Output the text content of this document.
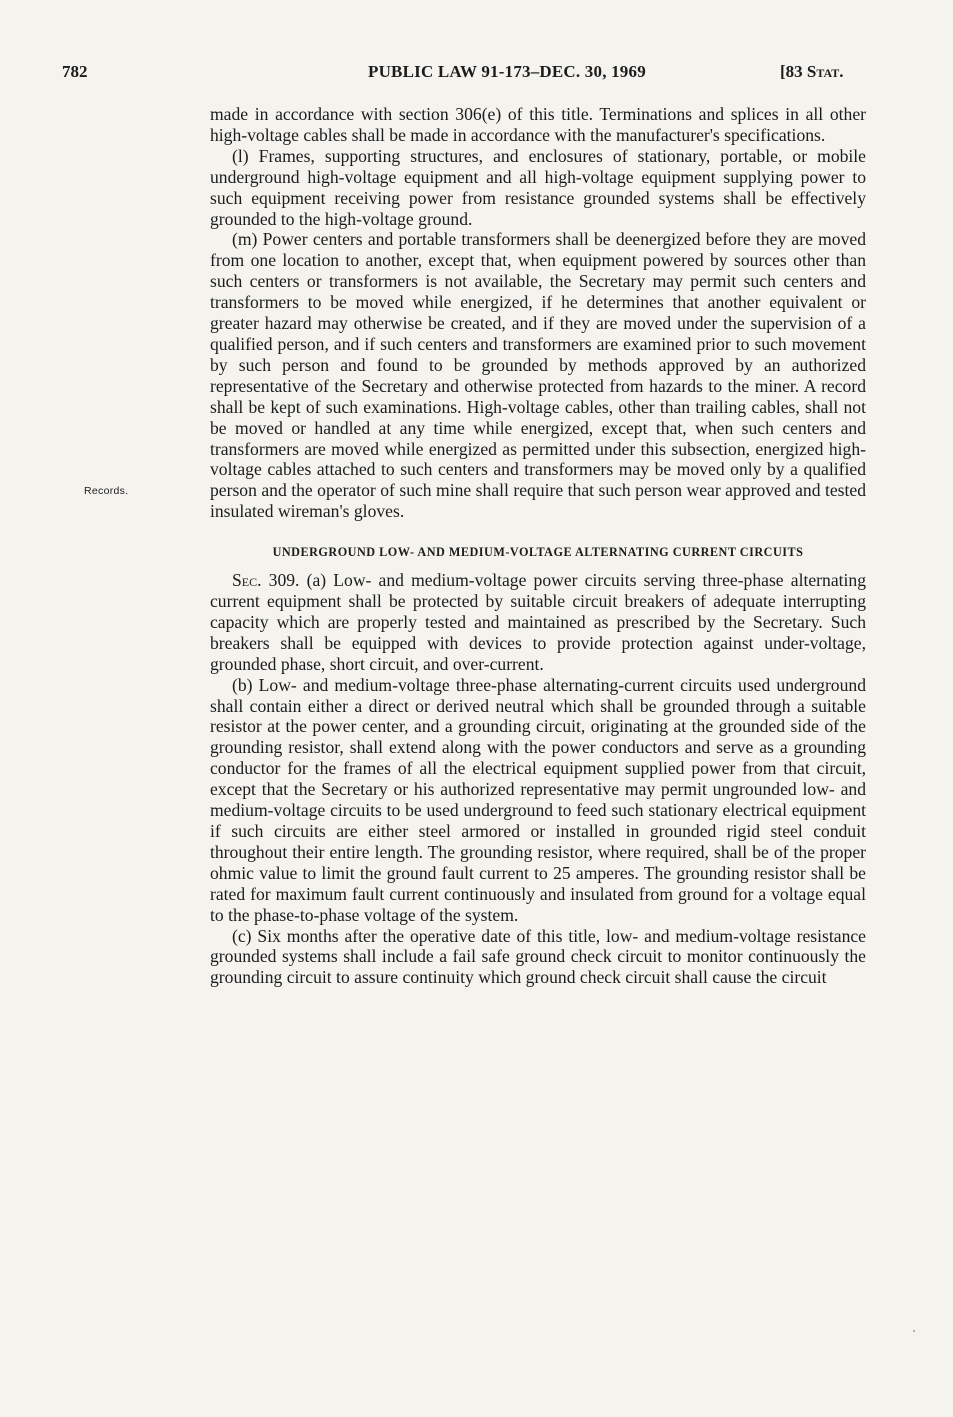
782	PUBLIC LAW 91-173–DEC. 30, 1969	[83 Stat.
Records.

made in accordance with section 306(e) of this title. Terminations and splices in all other high-voltage cables shall be made in accordance with the manufacturer's specifications.

(l) Frames, supporting structures, and enclosures of stationary, portable, or mobile underground high-voltage equipment and all high-voltage equipment supplying power to such equipment receiving power from resistance grounded systems shall be effectively grounded to the high-voltage ground.

(m) Power centers and portable transformers shall be deenergized before they are moved from one location to another, except that, when equipment powered by sources other than such centers or transformers is not available, the Secretary may permit such centers and transformers to be moved while energized, if he determines that another equivalent or greater hazard may otherwise be created, and if they are moved under the supervision of a qualified person, and if such centers and transformers are examined prior to such movement by such person and found to be grounded by methods approved by an authorized representative of the Secretary and otherwise protected from hazards to the miner. A record shall be kept of such examinations. High-voltage cables, other than trailing cables, shall not be moved or handled at any time while energized, except that, when such centers and transformers are moved while energized as permitted under this subsection, energized high-voltage cables attached to such centers and transformers may be moved only by a qualified person and the operator of such mine shall require that such person wear approved and tested insulated wireman's gloves.

UNDERGROUND LOW- AND MEDIUM-VOLTAGE ALTERNATING CURRENT CIRCUITS

Sec. 309. (a) Low- and medium-voltage power circuits serving three-phase alternating current equipment shall be protected by suitable circuit breakers of adequate interrupting capacity which are properly tested and maintained as prescribed by the Secretary. Such breakers shall be equipped with devices to provide protection against under-voltage, grounded phase, short circuit, and over-current.

(b) Low- and medium-voltage three-phase alternating-current circuits used underground shall contain either a direct or derived neutral which shall be grounded through a suitable resistor at the power center, and a grounding circuit, originating at the grounded side of the grounding resistor, shall extend along with the power conductors and serve as a grounding conductor for the frames of all the electrical equipment supplied power from that circuit, except that the Secretary or his authorized representative may permit ungrounded low- and medium-voltage circuits to be used underground to feed such stationary electrical equipment if such circuits are either steel armored or installed in grounded rigid steel conduit throughout their entire length. The grounding resistor, where required, shall be of the proper ohmic value to limit the ground fault current to 25 amperes. The grounding resistor shall be rated for maximum fault current continuously and insulated from ground for a voltage equal to the phase-to-phase voltage of the system.

(c) Six months after the operative date of this title, low- and medium-voltage resistance grounded systems shall include a fail safe ground check circuit to monitor continuously the grounding circuit to assure continuity which ground check circuit shall cause the circuit
